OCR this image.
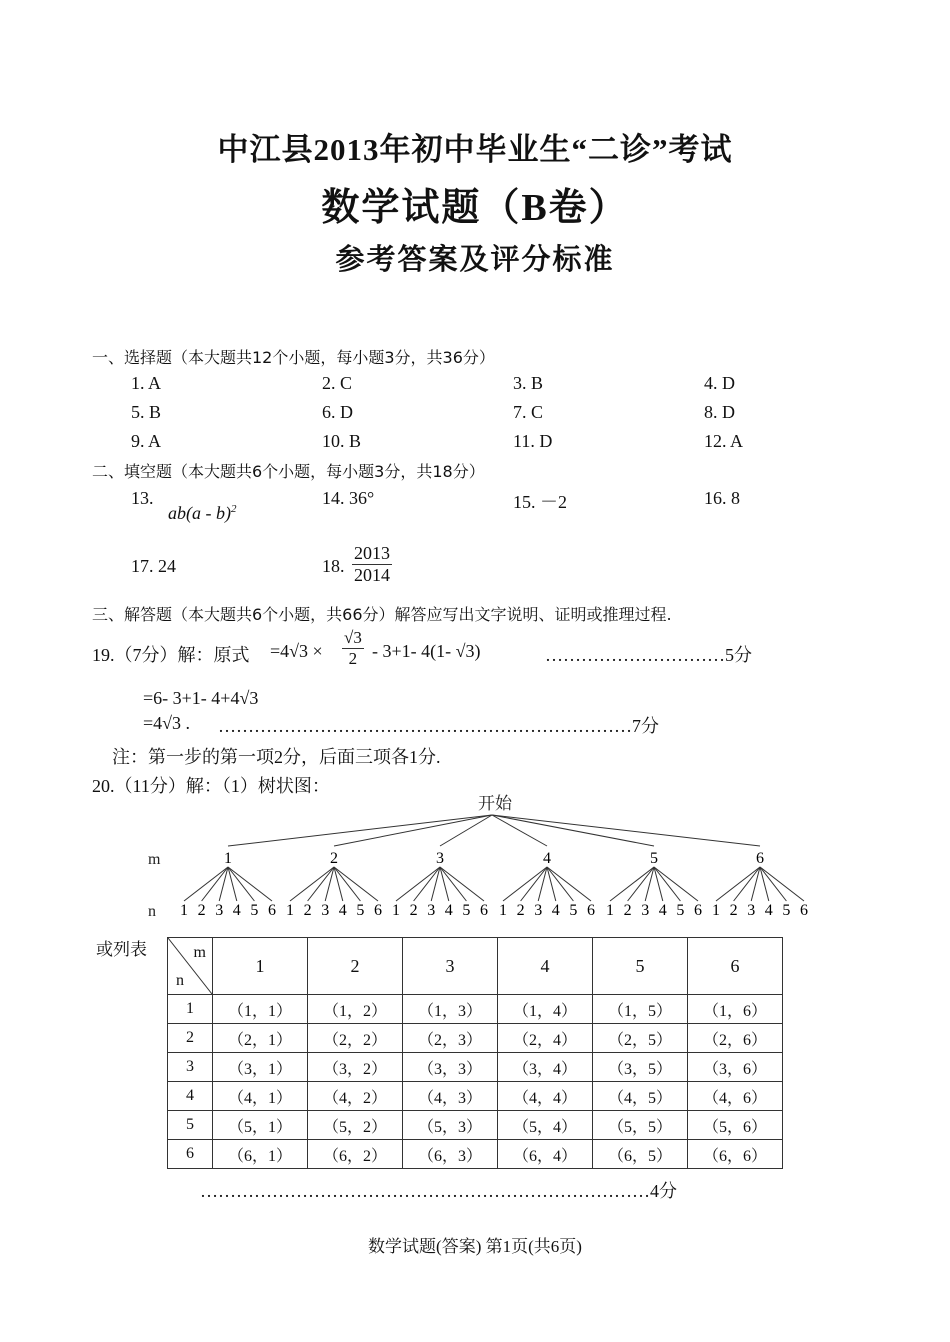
中江县2013年初中毕业生“二诊”考试
数学试题（B卷）
参考答案及评分标准
一、选择题（本大题共12个小题，每小题3分，共36分）
1. A	2. C	3. B	4. D
5. B	6. D	7. C	8. D
9. A	10. B	11. D	12. A
二、填空题（本大题共6个小题，每小题3分，共18分）
13.
ab(a - b)$^2$
14. 36°	15. －2	16. 8
17. 24	18. $\frac{2013}{2014}$
三、解答题（本大题共6个小题，共66分）解答应写出文字说明、证明或推理过程.
19.（7分）解：原式 $=4√3 \times \frac{√3}{2} - 3+1-$ 4(1- √3)	…………………………5分
=6- 3+1- 4+4√3
=4√3 . ……………………………………………………………7分
注：第一步的第一项2分，后面三项各1分.
20.（11分）解：（1）树状图：
开始
m
n
1
1 2 3 4 5 6
2
1 2 3 4 5 6
3
1 2 3 4 5 6
4
1 2 3 4 5 6
5
1 2 3 4 5 6
6
1 2 3 4 5 6
或列表	m
n	1	2	3	4	5	6
1	（1，1）	（1，2）	（1，3）	（1，4）	（1，5）	（1，6）
2	（2，1）	（2，2）	（2，3）	（2，4）	（2，5）	（2，6）
3	（3，1）	（3，2）	（3，3）	（3，4）	（3，5）	（3，6）
4	（4，1）	（4，2）	（4，3）	（4，4）	（4，5）	（4，6）
5	（5，1）	（5，2）	（5，3）	（5，4）	（5，5）	（5，6）
6	（6，1）	（6，2）	（6，3）	（6，4）	（6，5）	（6，6）
…………………………………………………………………4分
数学试题(答案) 第1页(共6页)
